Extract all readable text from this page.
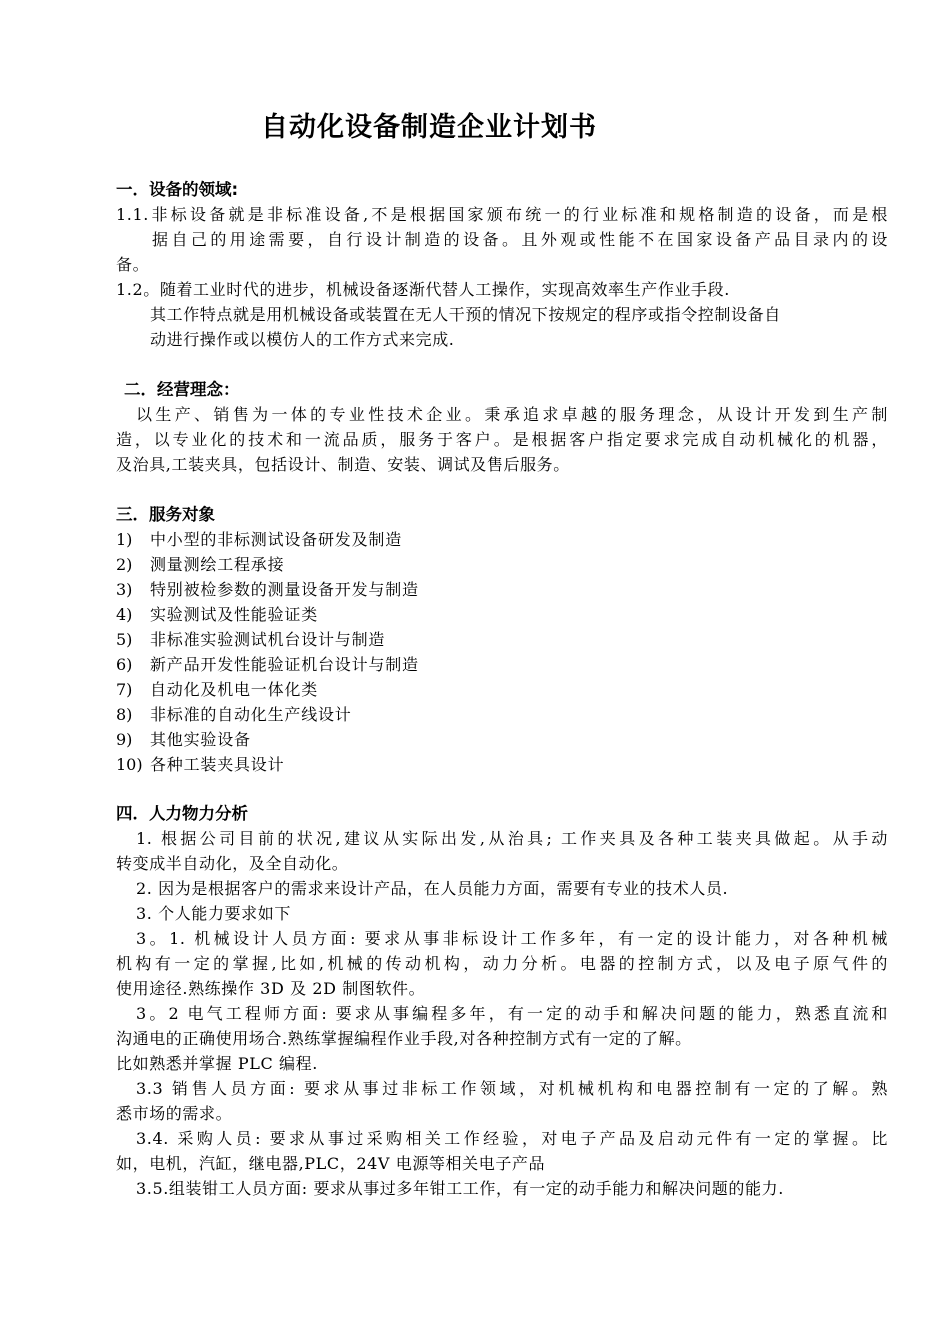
自动化设备制造企业计划书
一．设备的领域:
1.1.非标设备就是非标准设备,不是根据国家颁布统一的行业标准和规格制造的设备，而是根
据自己的用途需要，自行设计制造的设备。且外观或性能不在国家设备产品目录内的设
备。
1.2。随着工业时代的进步，机械设备逐渐代替人工操作，实现高效率生产作业手段.
其工作特点就是用机械设备或装置在无人干预的情况下按规定的程序或指令控制设备自
动进行操作或以模仿人的工作方式来完成.
二．经营理念：
以生产、销售为一体的专业性技术企业。秉承追求卓越的服务理念，从设计开发到生产制
造，以专业化的技术和一流品质，服务于客户。是根据客户指定要求完成自动机械化的机器，
及治具,工装夹具，包括设计、制造、安装、调试及售后服务。
三．服务对象
1) 中小型的非标测试设备研发及制造
2) 测量测绘工程承接
3) 特别被检参数的测量设备开发与制造
4) 实验测试及性能验证类
5) 非标准实验测试机台设计与制造
6) 新产品开发性能验证机台设计与制造
7) 自动化及机电一体化类
8) 非标准的自动化生产线设计
9) 其他实验设备
10) 各种工装夹具设计
四．人力物力分析
1. 根据公司目前的状况,建议从实际出发,从治具; 工作夹具及各种工装夹具做起。从手动
转变成半自动化，及全自动化。
2. 因为是根据客户的需求来设计产品，在人员能力方面，需要有专业的技术人员.
3. 个人能力要求如下
3。1. 机械设计人员方面: 要求从事非标设计工作多年，有一定的设计能力，对各种机械
机构有一定的掌握,比如,机械的传动机构，动力分析。电器的控制方式，以及电子原气件的
使用途径.熟练操作 3D 及 2D 制图软件。
3。2 电气工程师方面: 要求从事编程多年，有一定的动手和解决问题的能力，熟悉直流和
沟通电的正确使用场合.熟练掌握编程作业手段,对各种控制方式有一定的了解。
比如熟悉并掌握 PLC 编程.
3.3 销售人员方面: 要求从事过非标工作领域，对机械机构和电器控制有一定的了解。熟
悉市场的需求。
3.4. 采购人员: 要求从事过采购相关工作经验，对电子产品及启动元件有一定的掌握。比
如，电机，汽缸，继电器,PLC，24V 电源等相关电子产品
3.5.组装钳工人员方面: 要求从事过多年钳工工作，有一定的动手能力和解决问题的能力.
